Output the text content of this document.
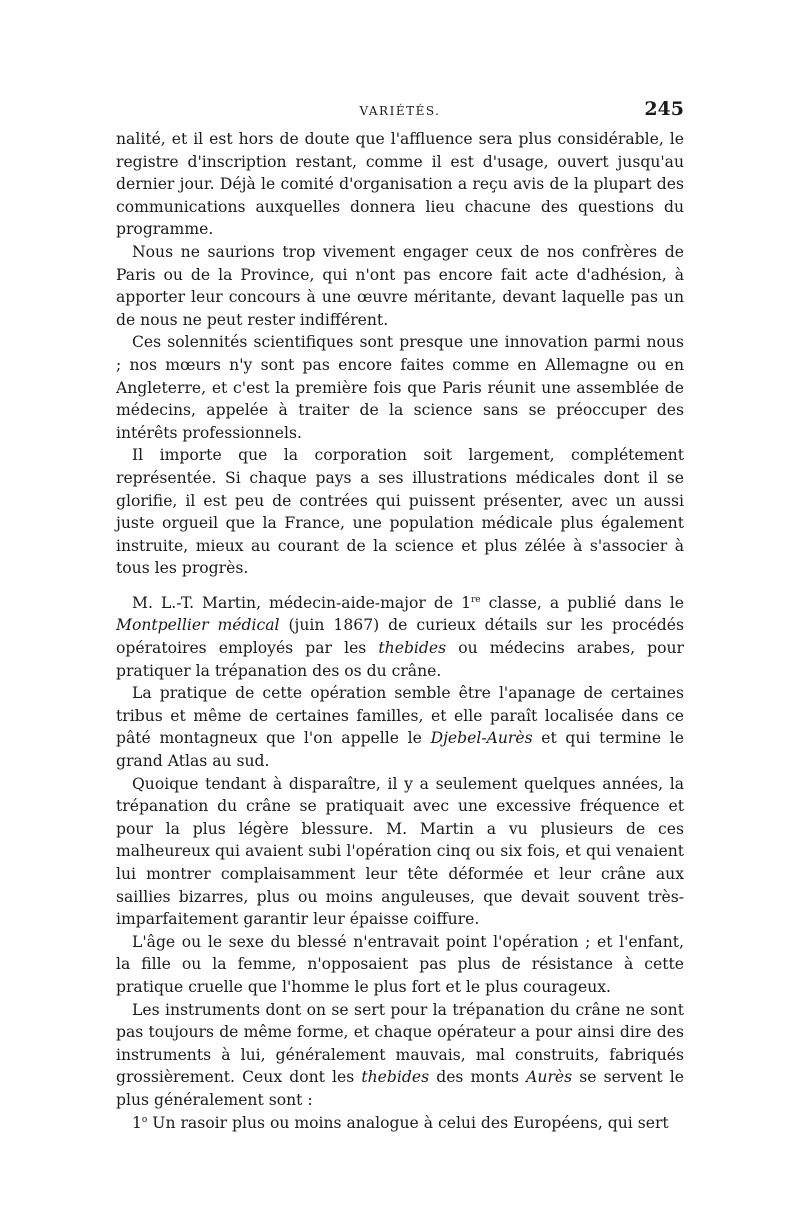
VARIÉTÉS.	245

nalité, et il est hors de doute que l'affluence sera plus considérable, le registre d'inscription restant, comme il est d'usage, ouvert jusqu'au dernier jour. Déjà le comité d'organisation a reçu avis de la plupart des communications auxquelles donnera lieu chacune des questions du programme.

Nous ne saurions trop vivement engager ceux de nos confrères de Paris ou de la Province, qui n'ont pas encore fait acte d'adhésion, à apporter leur concours à une œuvre méritante, devant laquelle pas un de nous ne peut rester indifférent.

Ces solennités scientifiques sont presque une innovation parmi nous ; nos mœurs n'y sont pas encore faites comme en Allemagne ou en Angleterre, et c'est la première fois que Paris réunit une assemblée de médecins, appelée à traiter de la science sans se préoccuper des intérêts professionnels.

Il importe que la corporation soit largement, complétement représentée. Si chaque pays a ses illustrations médicales dont il se glorifie, il est peu de contrées qui puissent présenter, avec un aussi juste orgueil que la France, une population médicale plus également instruite, mieux au courant de la science et plus zélée à s'associer à tous les progrès.

M. L.-T. Martin, médecin-aide-major de 1re classe, a publié dans le Montpellier médical (juin 1867) de curieux détails sur les procédés opératoires employés par les thebides ou médecins arabes, pour pratiquer la trépanation des os du crâne.

La pratique de cette opération semble être l'apanage de certaines tribus et même de certaines familles, et elle paraît localisée dans ce pâté montagneux que l'on appelle le Djebel-Aurès et qui termine le grand Atlas au sud.

Quoique tendant à disparaître, il y a seulement quelques années, la trépanation du crâne se pratiquait avec une excessive fréquence et pour la plus légère blessure. M. Martin a vu plusieurs de ces malheureux qui avaient subi l'opération cinq ou six fois, et qui venaient lui montrer complaisamment leur tête déformée et leur crâne aux saillies bizarres, plus ou moins anguleuses, que devait souvent très-imparfaitement garantir leur épaisse coiffure.

L'âge ou le sexe du blessé n'entravait point l'opération ; et l'enfant, la fille ou la femme, n'opposaient pas plus de résistance à cette pratique cruelle que l'homme le plus fort et le plus courageux.

Les instruments dont on se sert pour la trépanation du crâne ne sont pas toujours de même forme, et chaque opérateur a pour ainsi dire des instruments à lui, généralement mauvais, mal construits, fabriqués grossièrement. Ceux dont les thebides des monts Aurès se servent le plus généralement sont :

1$^o$ Un rasoir plus ou moins analogue à celui des Européens, qui sert
